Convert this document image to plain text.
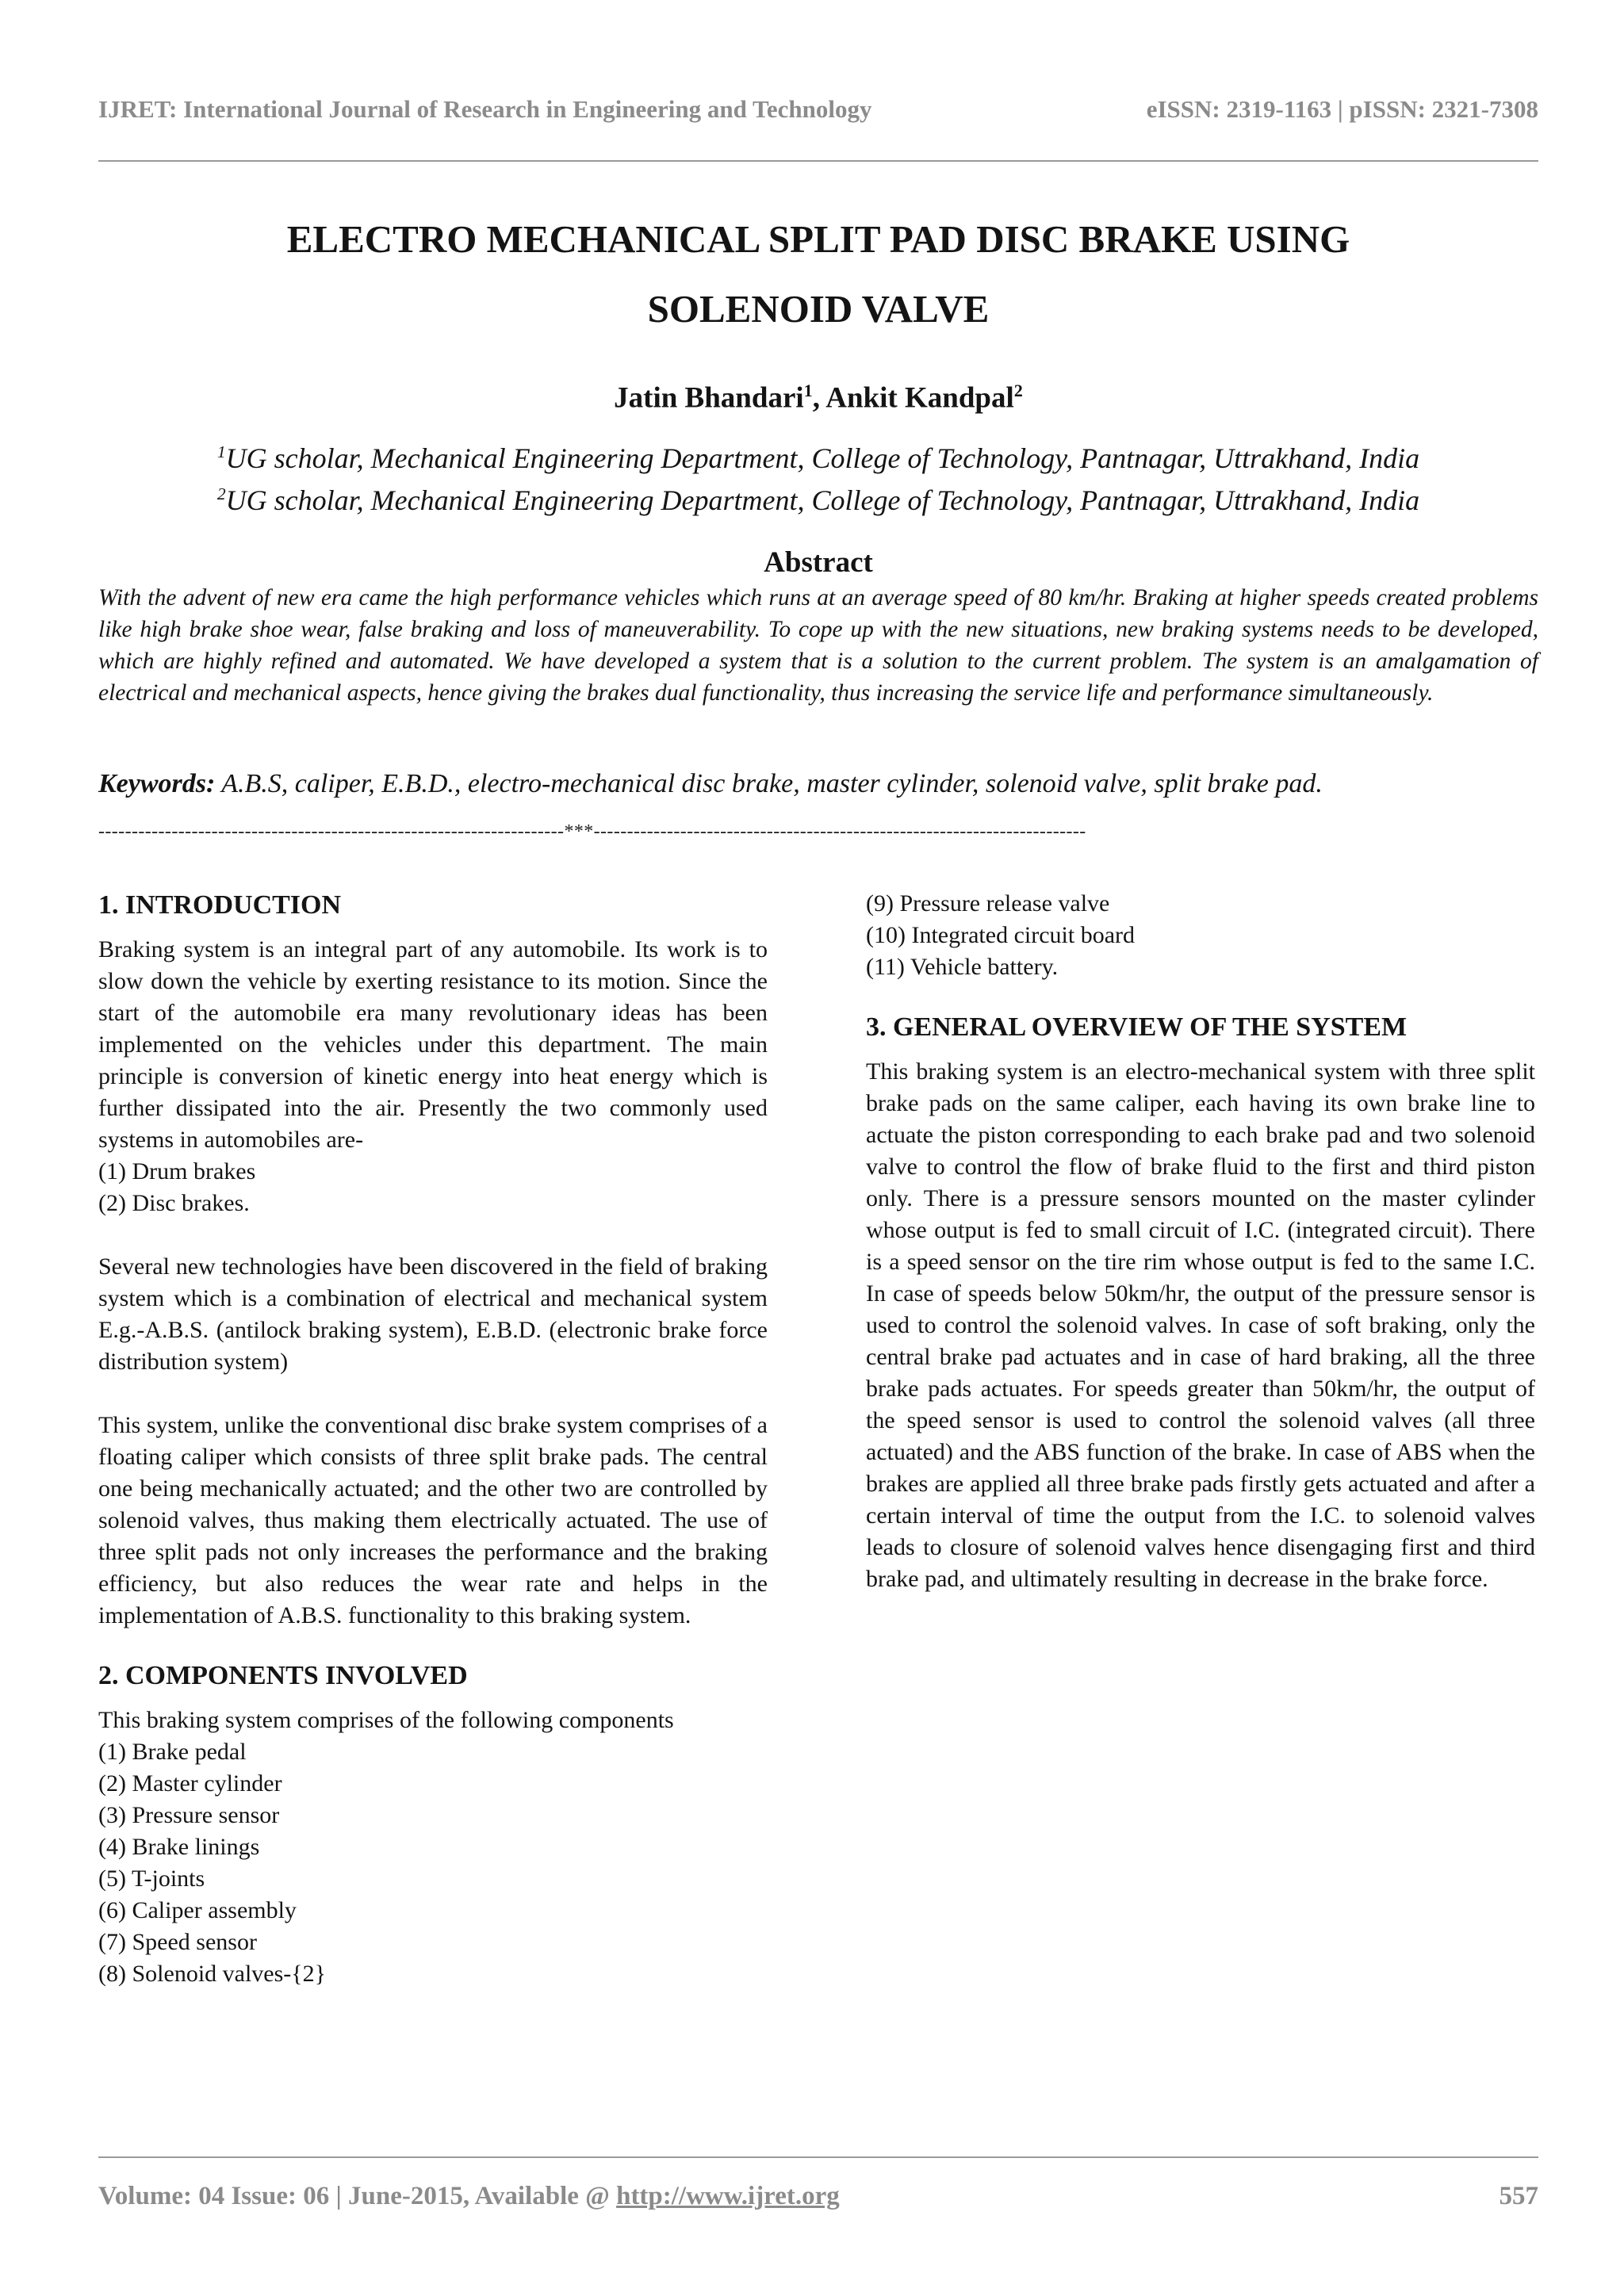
IJRET: International Journal of Research in Engineering and Technology	eISSN: 2319-1163 | pISSN: 2321-7308
ELECTRO MECHANICAL SPLIT PAD DISC BRAKE USING
SOLENOID VALVE

Jatin Bhandari$^1$, Ankit Kandpal$^2$

$^1$UG scholar, Mechanical Engineering Department, College of Technology, Pantnagar, Uttrakhand, India
$^2$UG scholar, Mechanical Engineering Department, College of Technology, Pantnagar, Uttrakhand, India
Abstract

With the advent of new era came the high performance vehicles which runs at an average speed of 80 km/hr. Braking at higher speeds created problems like high brake shoe wear, false braking and loss of maneuverability. To cope up with the new situations, new braking systems needs to be developed, which are highly refined and automated. We have developed a system that is a solution to the current problem. The system is an amalgamation of electrical and mechanical aspects, hence giving the brakes dual functionality, thus increasing the service life and performance simultaneously.

Keywords: A.B.S, caliper, E.B.D., electro-mechanical disc brake, master cylinder, solenoid valve, split brake pad.

----------------------------------------------------------------------***--------------------------------------------------------------------------
1. INTRODUCTION

Braking system is an integral part of any automobile. Its work is to slow down the vehicle by exerting resistance to its motion. Since the start of the automobile era many revolutionary ideas has been implemented on the vehicles under this department. The main principle is conversion of kinetic energy into heat energy which is further dissipated into the air. Presently the two commonly used systems in automobiles are-

(1) Drum brakes
(2) Disc brakes.

Several new technologies have been discovered in the field of braking system which is a combination of electrical and mechanical system E.g.-A.B.S. (antilock braking system), E.B.D. (electronic brake force distribution system)

This system, unlike the conventional disc brake system comprises of a floating caliper which consists of three split brake pads. The central one being mechanically actuated; and the other two are controlled by solenoid valves, thus making them electrically actuated. The use of three split pads not only increases the performance and the braking efficiency, but also reduces the wear rate and helps in the implementation of A.B.S. functionality to this braking system.

2. COMPONENTS INVOLVED
This braking system comprises of the following components
(1) Brake pedal
(2) Master cylinder
(3) Pressure sensor
(4) Brake linings
(5) T-joints
(6) Caliper assembly
(7) Speed sensor
(8) Solenoid valves-{2}
(9) Pressure release valve
(10) Integrated circuit board
(11) Vehicle battery.
3. GENERAL OVERVIEW OF THE SYSTEM

This braking system is an electro-mechanical system with three split brake pads on the same caliper, each having its own brake line to actuate the piston corresponding to each brake pad and two solenoid valve to control the flow of brake fluid to the first and third piston only. There is a pressure sensors mounted on the master cylinder whose output is fed to small circuit of I.C. (integrated circuit). There is a speed sensor on the tire rim whose output is fed to the same I.C. In case of speeds below 50km/hr, the output of the pressure sensor is used to control the solenoid valves. In case of soft braking, only the central brake pad actuates and in case of hard braking, all the three brake pads actuates. For speeds greater than 50km/hr, the output of the speed sensor is used to control the solenoid valves (all three actuated) and the ABS function of the brake. In case of ABS when the brakes are applied all three brake pads firstly gets actuated and after a certain interval of time the output from the I.C. to solenoid valves leads to closure of solenoid valves hence disengaging first and third brake pad, and ultimately resulting in decrease in the brake force.

Volume: 04 Issue: 06 | June-2015, Available @ http://www.ijret.org	557
